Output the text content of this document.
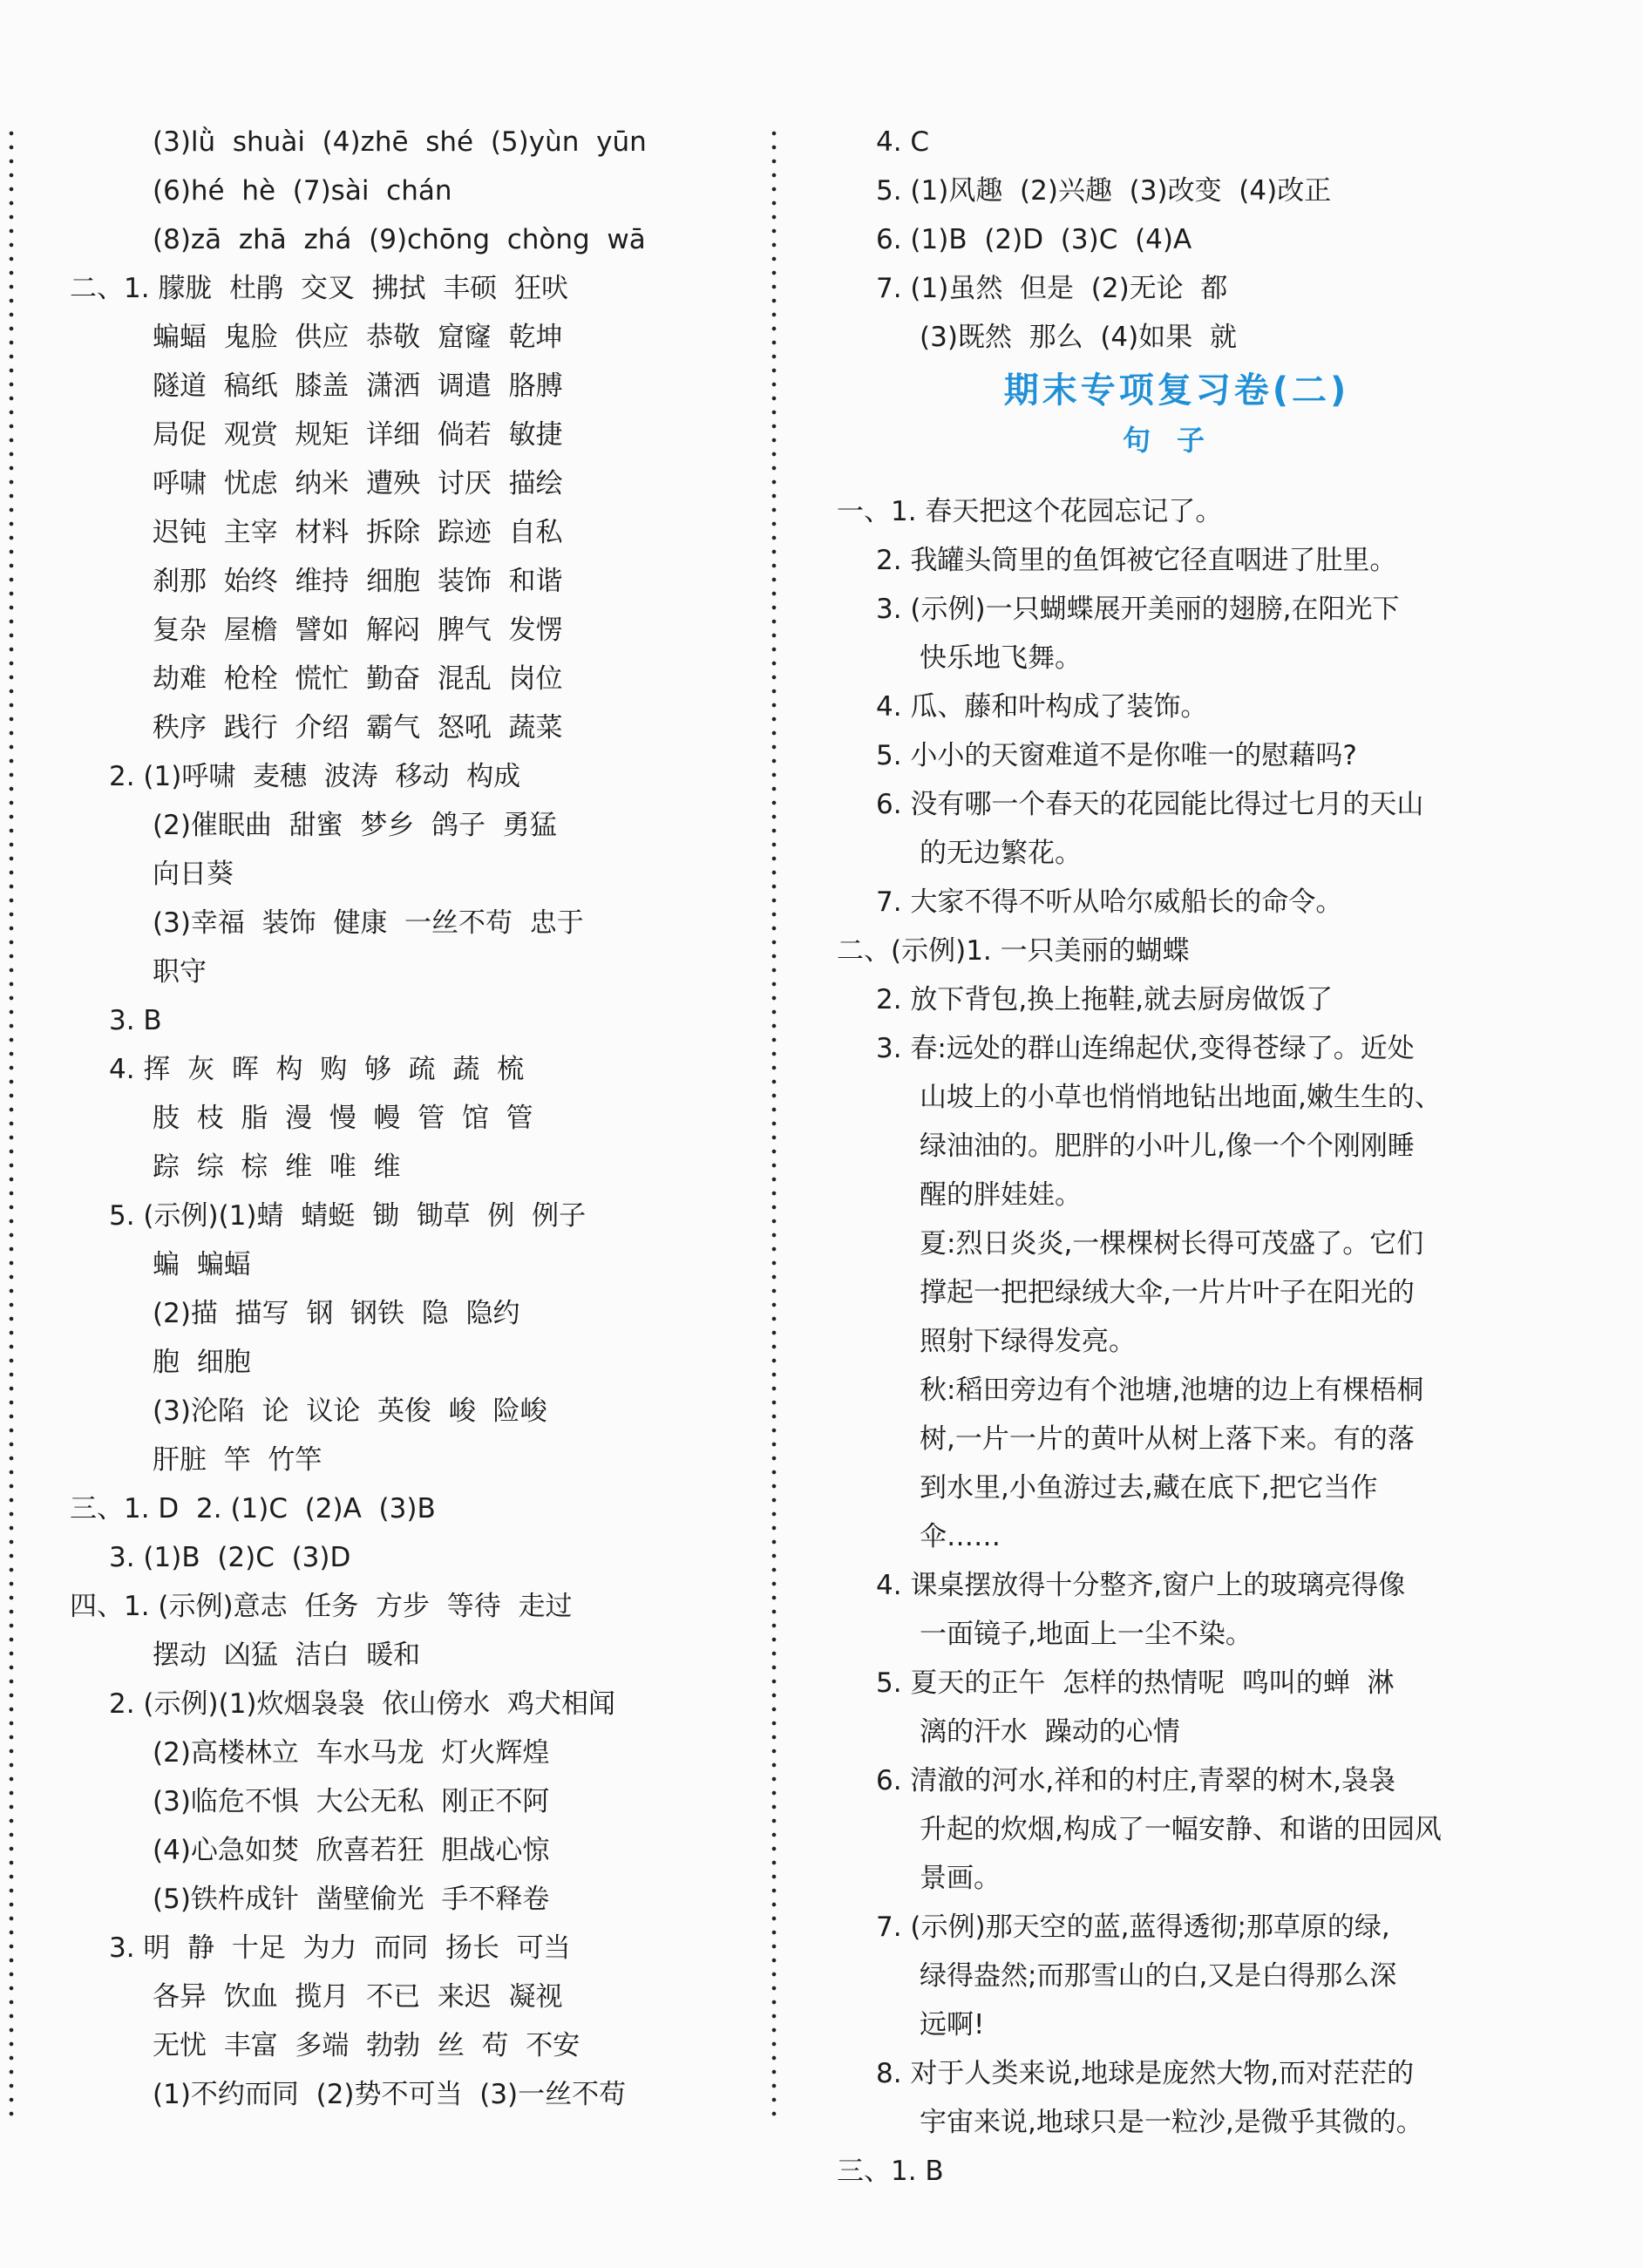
(3)lǜ  shuài  (4)zhē  shé  (5)yùn  yūn
(6)hé  hè  (7)sài  chán
(8)zā  zhā  zhá  (9)chōng  chòng  wā
二、1. 朦胧  杜鹃  交叉  拂拭  丰硕  狂吠
蝙蝠  鬼脸  供应  恭敬  窟窿  乾坤
隧道  稿纸  膝盖  潇洒  调遣  胳膊
局促  观赏  规矩  详细  倘若  敏捷
呼啸  忧虑  纳米  遭殃  讨厌  描绘
迟钝  主宰  材料  拆除  踪迹  自私
刹那  始终  维持  细胞  装饰  和谐
复杂  屋檐  譬如  解闷  脾气  发愣
劫难  枪栓  慌忙  勤奋  混乱  岗位
秩序  践行  介绍  霸气  怒吼  蔬菜
2. (1)呼啸  麦穗  波涛  移动  构成
(2)催眠曲  甜蜜  梦乡  鸽子  勇猛
向日葵
(3)幸福  装饰  健康  一丝不苟  忠于
职守
3. B
4. 挥  灰  晖  构  购  够  疏  蔬  梳
肢  枝  脂  漫  慢  幔  管  馆  管
踪  综  棕  维  唯  维
5. (示例)(1)蜻  蜻蜓  锄  锄草  例  例子
蝙  蝙蝠
(2)描  描写  钢  钢铁  隐  隐约
胞  细胞
(3)沦陷  论  议论  英俊  峻  险峻
肝脏  竿  竹竿
三、1. D  2. (1)C  (2)A  (3)B
3. (1)B  (2)C  (3)D
四、1. (示例)意志  任务  方步  等待  走过
摆动  凶猛  洁白  暖和
2. (示例)(1)炊烟袅袅  依山傍水  鸡犬相闻
(2)高楼林立  车水马龙  灯火辉煌
(3)临危不惧  大公无私  刚正不阿
(4)心急如焚  欣喜若狂  胆战心惊
(5)铁杵成针  凿壁偷光  手不释卷
3. 明  静  十足  为力  而同  扬长  可当
各异  饮血  揽月  不已  来迟  凝视
无忧  丰富  多端  勃勃  丝  苟  不安
(1)不约而同  (2)势不可当  (3)一丝不苟
4. C
5. (1)风趣  (2)兴趣  (3)改变  (4)改正
6. (1)B  (2)D  (3)C  (4)A
7. (1)虽然  但是  (2)无论  都
(3)既然  那么  (4)如果  就
期末专项复习卷(二)
句子
一、1. 春天把这个花园忘记了。
2. 我罐头筒里的鱼饵被它径直咽进了肚里。
3. (示例)一只蝴蝶展开美丽的翅膀,在阳光下
快乐地飞舞。
4. 瓜、藤和叶构成了装饰。
5. 小小的天窗难道不是你唯一的慰藉吗?
6. 没有哪一个春天的花园能比得过七月的天山
的无边繁花。
7. 大家不得不听从哈尔威船长的命令。
二、(示例)1. 一只美丽的蝴蝶
2. 放下背包,换上拖鞋,就去厨房做饭了
3. 春:远处的群山连绵起伏,变得苍绿了。近处
山坡上的小草也悄悄地钻出地面,嫩生生的、
绿油油的。肥胖的小叶儿,像一个个刚刚睡
醒的胖娃娃。
夏:烈日炎炎,一棵棵树长得可茂盛了。它们
撑起一把把绿绒大伞,一片片叶子在阳光的
照射下绿得发亮。
秋:稻田旁边有个池塘,池塘的边上有棵梧桐
树,一片一片的黄叶从树上落下来。有的落
到水里,小鱼游过去,藏在底下,把它当作
伞……
4. 课桌摆放得十分整齐,窗户上的玻璃亮得像
一面镜子,地面上一尘不染。
5. 夏天的正午  怎样的热情呢  鸣叫的蝉  淋
漓的汗水  躁动的心情
6. 清澈的河水,祥和的村庄,青翠的树木,袅袅
升起的炊烟,构成了一幅安静、和谐的田园风
景画。
7. (示例)那天空的蓝,蓝得透彻;那草原的绿,
绿得盎然;而那雪山的白,又是白得那么深
远啊!
8. 对于人类来说,地球是庞然大物,而对茫茫的
宇宙来说,地球只是一粒沙,是微乎其微的。
三、1. B
